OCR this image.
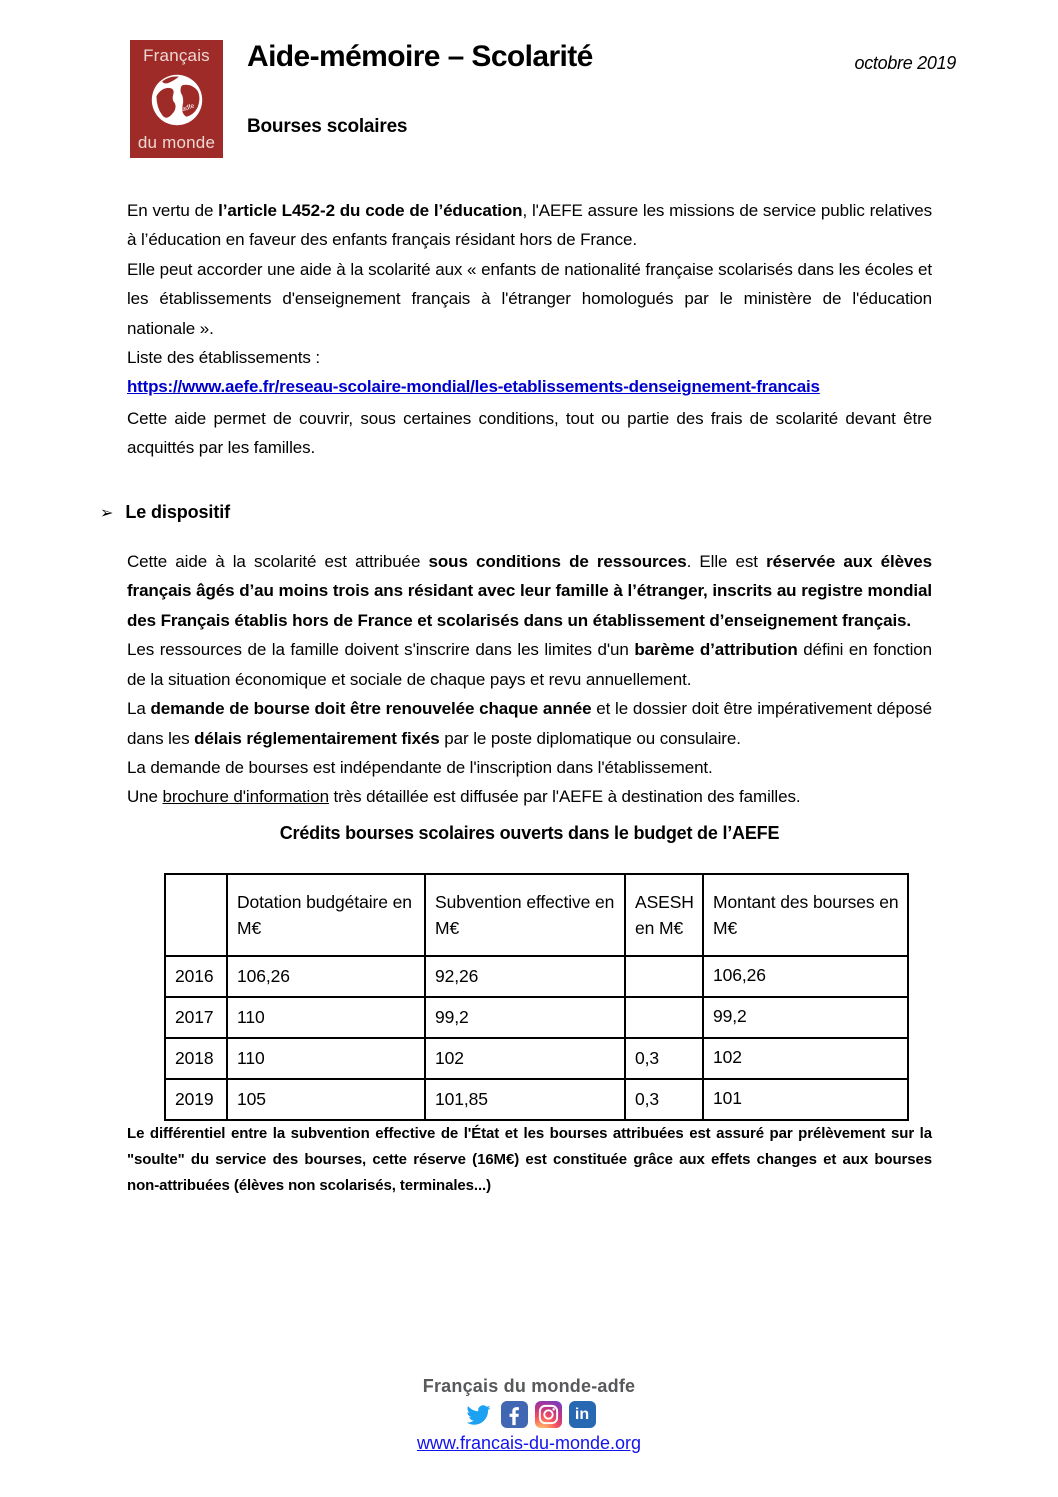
Français
adfe
du monde
Aide-mémoire – Scolarité	octobre 2019
Bourses scolaires

En vertu de l’article L452-2 du code de l’éducation, l'AEFE assure les missions de service public relatives à l’éducation en faveur des enfants français résidant hors de France.

Elle peut accorder une aide à la scolarité aux « enfants de nationalité française scolarisés dans les écoles et les établissements d'enseignement français à l'étranger homologués par le ministère de l'éducation nationale ».

Liste des établissements :

https://www.aefe.fr/reseau-scolaire-mondial/les-etablissements-denseignement-francais

Cette aide permet de couvrir, sous certaines conditions, tout ou partie des frais de scolarité devant être acquittés par les familles.

➢ Le dispositif

Cette aide à la scolarité est attribuée sous conditions de ressources. Elle est réservée aux élèves français âgés d’au moins trois ans résidant avec leur famille à l’étranger, inscrits au registre mondial des Français établis hors de France et scolarisés dans un établissement d’enseignement français.

Les ressources de la famille doivent s'inscrire dans les limites d'un barème d’attribution défini en fonction de la situation économique et sociale de chaque pays et revu annuellement.

La demande de bourse doit être renouvelée chaque année et le dossier doit être impérativement déposé dans les délais réglementairement fixés par le poste diplomatique ou consulaire.

La demande de bourses est indépendante de l'inscription dans l'établissement.

Une brochure d'information très détaillée est diffusée par l'AEFE à destination des familles.

Crédits bourses scolaires ouverts dans le budget de l’AEFE
	Dotation budgétaire en M€	Subvention effective en M€	ASESH en M€	Montant des bourses en M€
2016	106,26	92,26		106,26
2017	110	99,2		99,2
2018	110	102	0,3	102
2019	105	101,85	0,3	101

Le différentiel entre la subvention effective de l'État et les bourses attribuées est assuré par prélèvement sur la "soulte" du service des bourses, cette réserve (16M€) est constituée grâce aux effets changes et aux bourses non-attribuées (élèves non scolarisés, terminales...)

Français du monde-adfe
in
www.francais-du-monde.org
